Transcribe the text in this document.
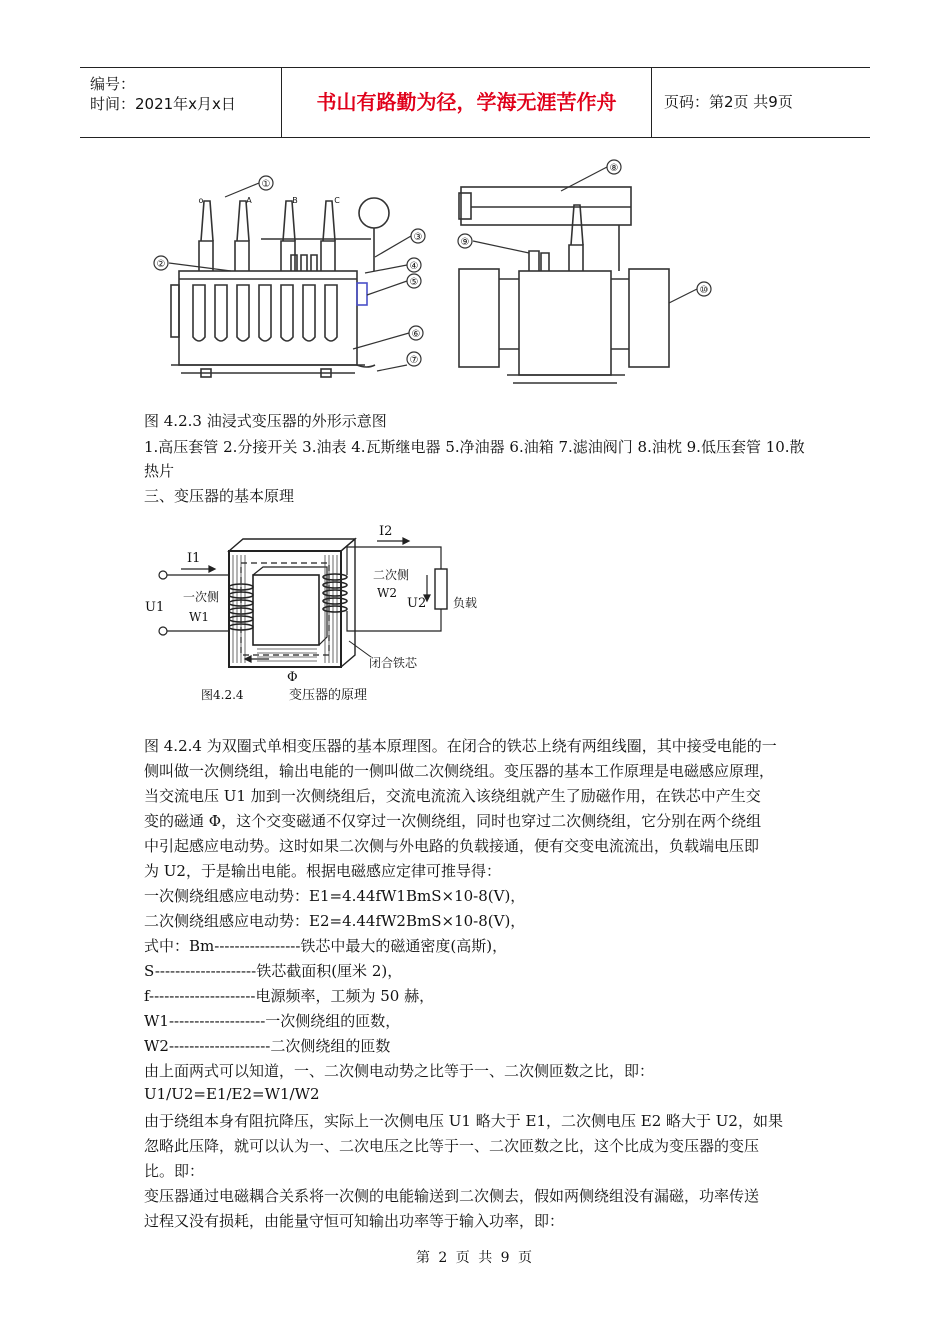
编号：
时间：2021年x月x日	书山有路勤为径，学海无涯苦作舟	页码：第2页 共9页
①
②
③
④
⑤
⑥
⑦
o	A	B	C
⑧
⑨
⑩
图 4.2.3 油浸式变压器的外形示意图
1.高压套管 2.分接开关 3.油表 4.瓦斯继电器 5.净油器 6.油箱 7.滤油阀门 8.油枕 9.低压套管 10.散
热片
三、变压器的基本原理
I1
I2
U1	U2
一次侧
W1
二次侧
W2
负载
闭合铁芯
Φ
图4.2.4	变压器的原理
图 4.2.4 为双圈式单相变压器的基本原理图。在闭合的铁芯上绕有两组线圈，其中接受电能的一
侧叫做一次侧绕组，输出电能的一侧叫做二次侧绕组。变压器的基本工作原理是电磁感应原理，
当交流电压 U1 加到一次侧绕组后，交流电流流入该绕组就产生了励磁作用，在铁芯中产生交
变的磁通 Φ，这个交变磁通不仅穿过一次侧绕组，同时也穿过二次侧绕组，它分别在两个绕组
中引起感应电动势。这时如果二次侧与外电路的负载接通，便有交变电流流出，负载端电压即
为 U2，于是输出电能。根据电磁感应定律可推导得：
一次侧绕组感应电动势：E1=4.44fW1BmS×10-8(V)，
二次侧绕组感应电动势：E2=4.44fW2BmS×10-8(V)，
式中：Bm-----------------铁芯中最大的磁通密度(高斯)，
S--------------------铁芯截面积(厘米 2)，
f---------------------电源频率，工频为 50 赫，
W1-------------------一次侧绕组的匝数，
W2--------------------二次侧绕组的匝数
由上面两式可以知道，一、二次侧电动势之比等于一、二次侧匝数之比，即：
U1/U2=E1/E2=W1/W2
由于绕组本身有阻抗降压，实际上一次侧电压 U1 略大于 E1，二次侧电压 E2 略大于 U2，如果
忽略此压降，就可以认为一、二次电压之比等于一、二次匝数之比，这个比成为变压器的变压
比。即：
变压器通过电磁耦合关系将一次侧的电能输送到二次侧去，假如两侧绕组没有漏磁，功率传送
过程又没有损耗，由能量守恒可知输出功率等于输入功率，即：
第 2 页 共 9 页
